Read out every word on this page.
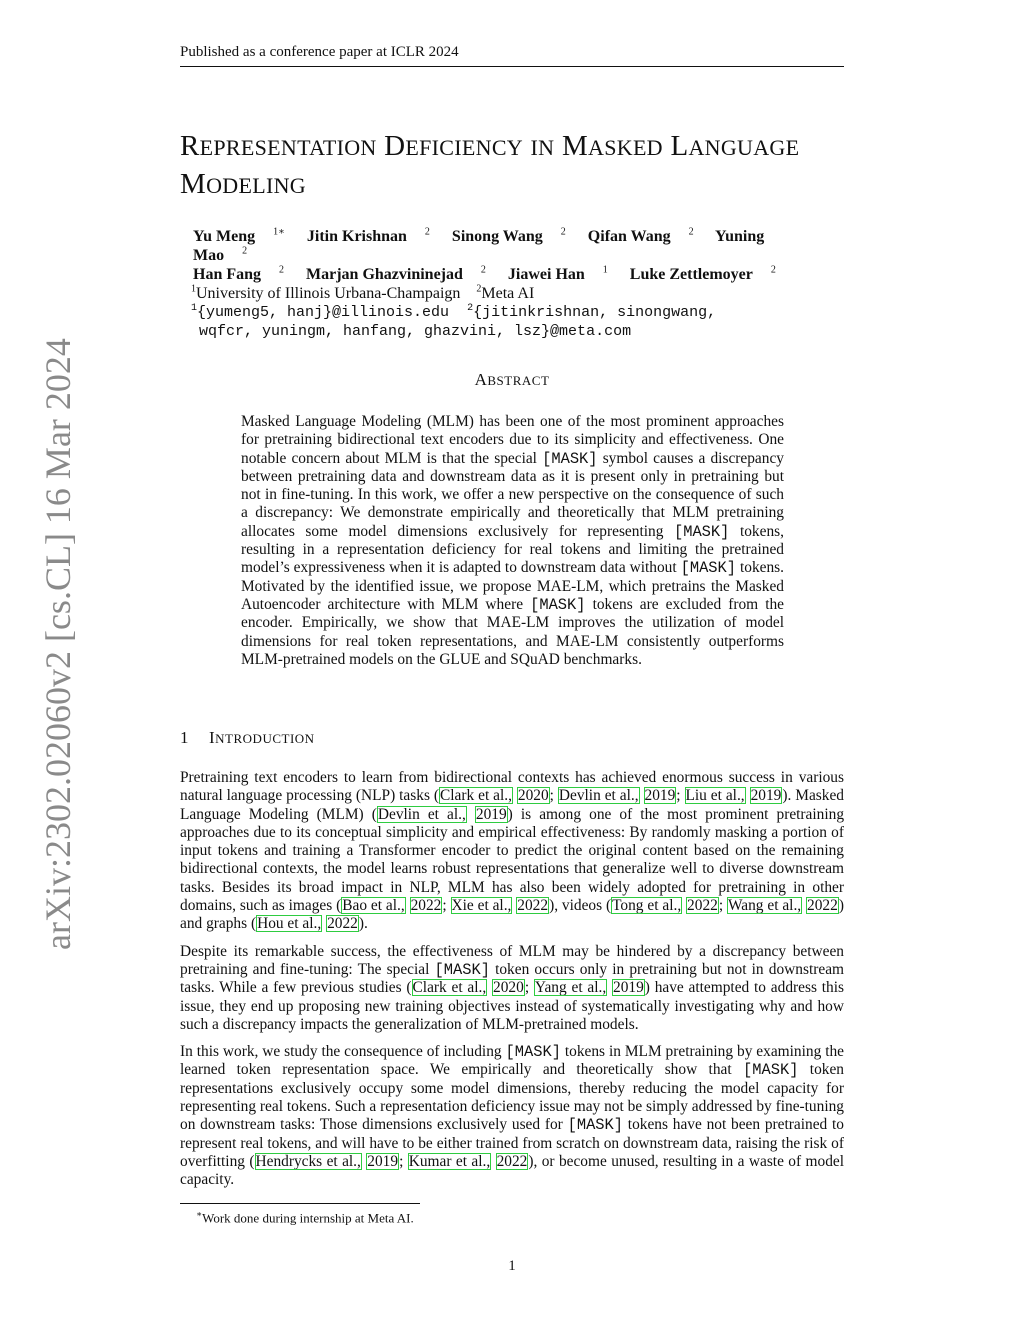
Published as a conference paper at ICLR 2024
arXiv:2302.02060v2 [cs.CL] 16 Mar 2024
REPRESENTATION DEFICIENCY IN MASKED LANGUAGE
MODELING
Yu Meng $^{1∗}$ Jitin Krishnan $^2$ Sinong Wang $^2$ Qifan Wang $^2$ Yuning Mao $^2$
Han Fang $^2$ Marjan Ghazvininejad $^2$ Jiawei Han $^1$ Luke Zettlemoyer $^2$
$^1$University of Illinois Urbana-Champaign $^2$Meta AI
$^1${yumeng5, hanj}@illinois.edu $^2${jitinkrishnan, sinongwang,
wqfcr, yuningm, hanfang, ghazvini, lsz}@meta.com
ABSTRACT
Masked Language Modeling (MLM) has been one of the most prominent approaches for pretraining bidirectional text encoders due to its simplicity and effectiveness. One notable concern about MLM is that the special [MASK] symbol causes a discrepancy between pretraining data and downstream data as it is present only in pretraining but not in fine-tuning. In this work, we offer a new perspective on the consequence of such a discrepancy: We demonstrate empirically and theoretically that MLM pretraining allocates some model dimensions exclusively for representing [MASK] tokens, resulting in a representation deficiency for real tokens and limiting the pretrained model’s expressiveness when it is adapted to downstream data without [MASK] tokens. Motivated by the identified issue, we propose MAE-LM, which pretrains the Masked Autoencoder architecture with MLM where [MASK] tokens are excluded from the encoder. Empirically, we show that MAE-LM improves the utilization of model dimensions for real token representations, and MAE-LM consistently outperforms MLM-pretrained models on the GLUE and SQuAD benchmarks.
1 INTRODUCTION

Pretraining text encoders to learn from bidirectional contexts has achieved enormous success in various natural language processing (NLP) tasks (Clark et al., 2020; Devlin et al., 2019; Liu et al., 2019). Masked Language Modeling (MLM) (Devlin et al., 2019) is among one of the most prominent pretraining approaches due to its conceptual simplicity and empirical effectiveness: By randomly masking a portion of input tokens and training a Transformer encoder to predict the original content based on the remaining bidirectional contexts, the model learns robust representations that generalize well to diverse downstream tasks. Besides its broad impact in NLP, MLM has also been widely adopted for pretraining in other domains, such as images (Bao et al., 2022; Xie et al., 2022), videos (Tong et al., 2022; Wang et al., 2022) and graphs (Hou et al., 2022).

Despite its remarkable success, the effectiveness of MLM may be hindered by a discrepancy between pretraining and fine-tuning: The special [MASK] token occurs only in pretraining but not in downstream tasks. While a few previous studies (Clark et al., 2020; Yang et al., 2019) have attempted to address this issue, they end up proposing new training objectives instead of systematically investigating why and how such a discrepancy impacts the generalization of MLM-pretrained models.

In this work, we study the consequence of including [MASK] tokens in MLM pretraining by examining the learned token representation space. We empirically and theoretically show that [MASK] token representations exclusively occupy some model dimensions, thereby reducing the model capacity for representing real tokens. Such a representation deficiency issue may not be simply addressed by fine-tuning on downstream tasks: Those dimensions exclusively used for [MASK] tokens have not been pretrained to represent real tokens, and will have to be either trained from scratch on downstream data, raising the risk of overfitting (Hendrycks et al., 2019; Kumar et al., 2022), or become unused, resulting in a waste of model capacity.

∗Work done during internship at Meta AI.
1
